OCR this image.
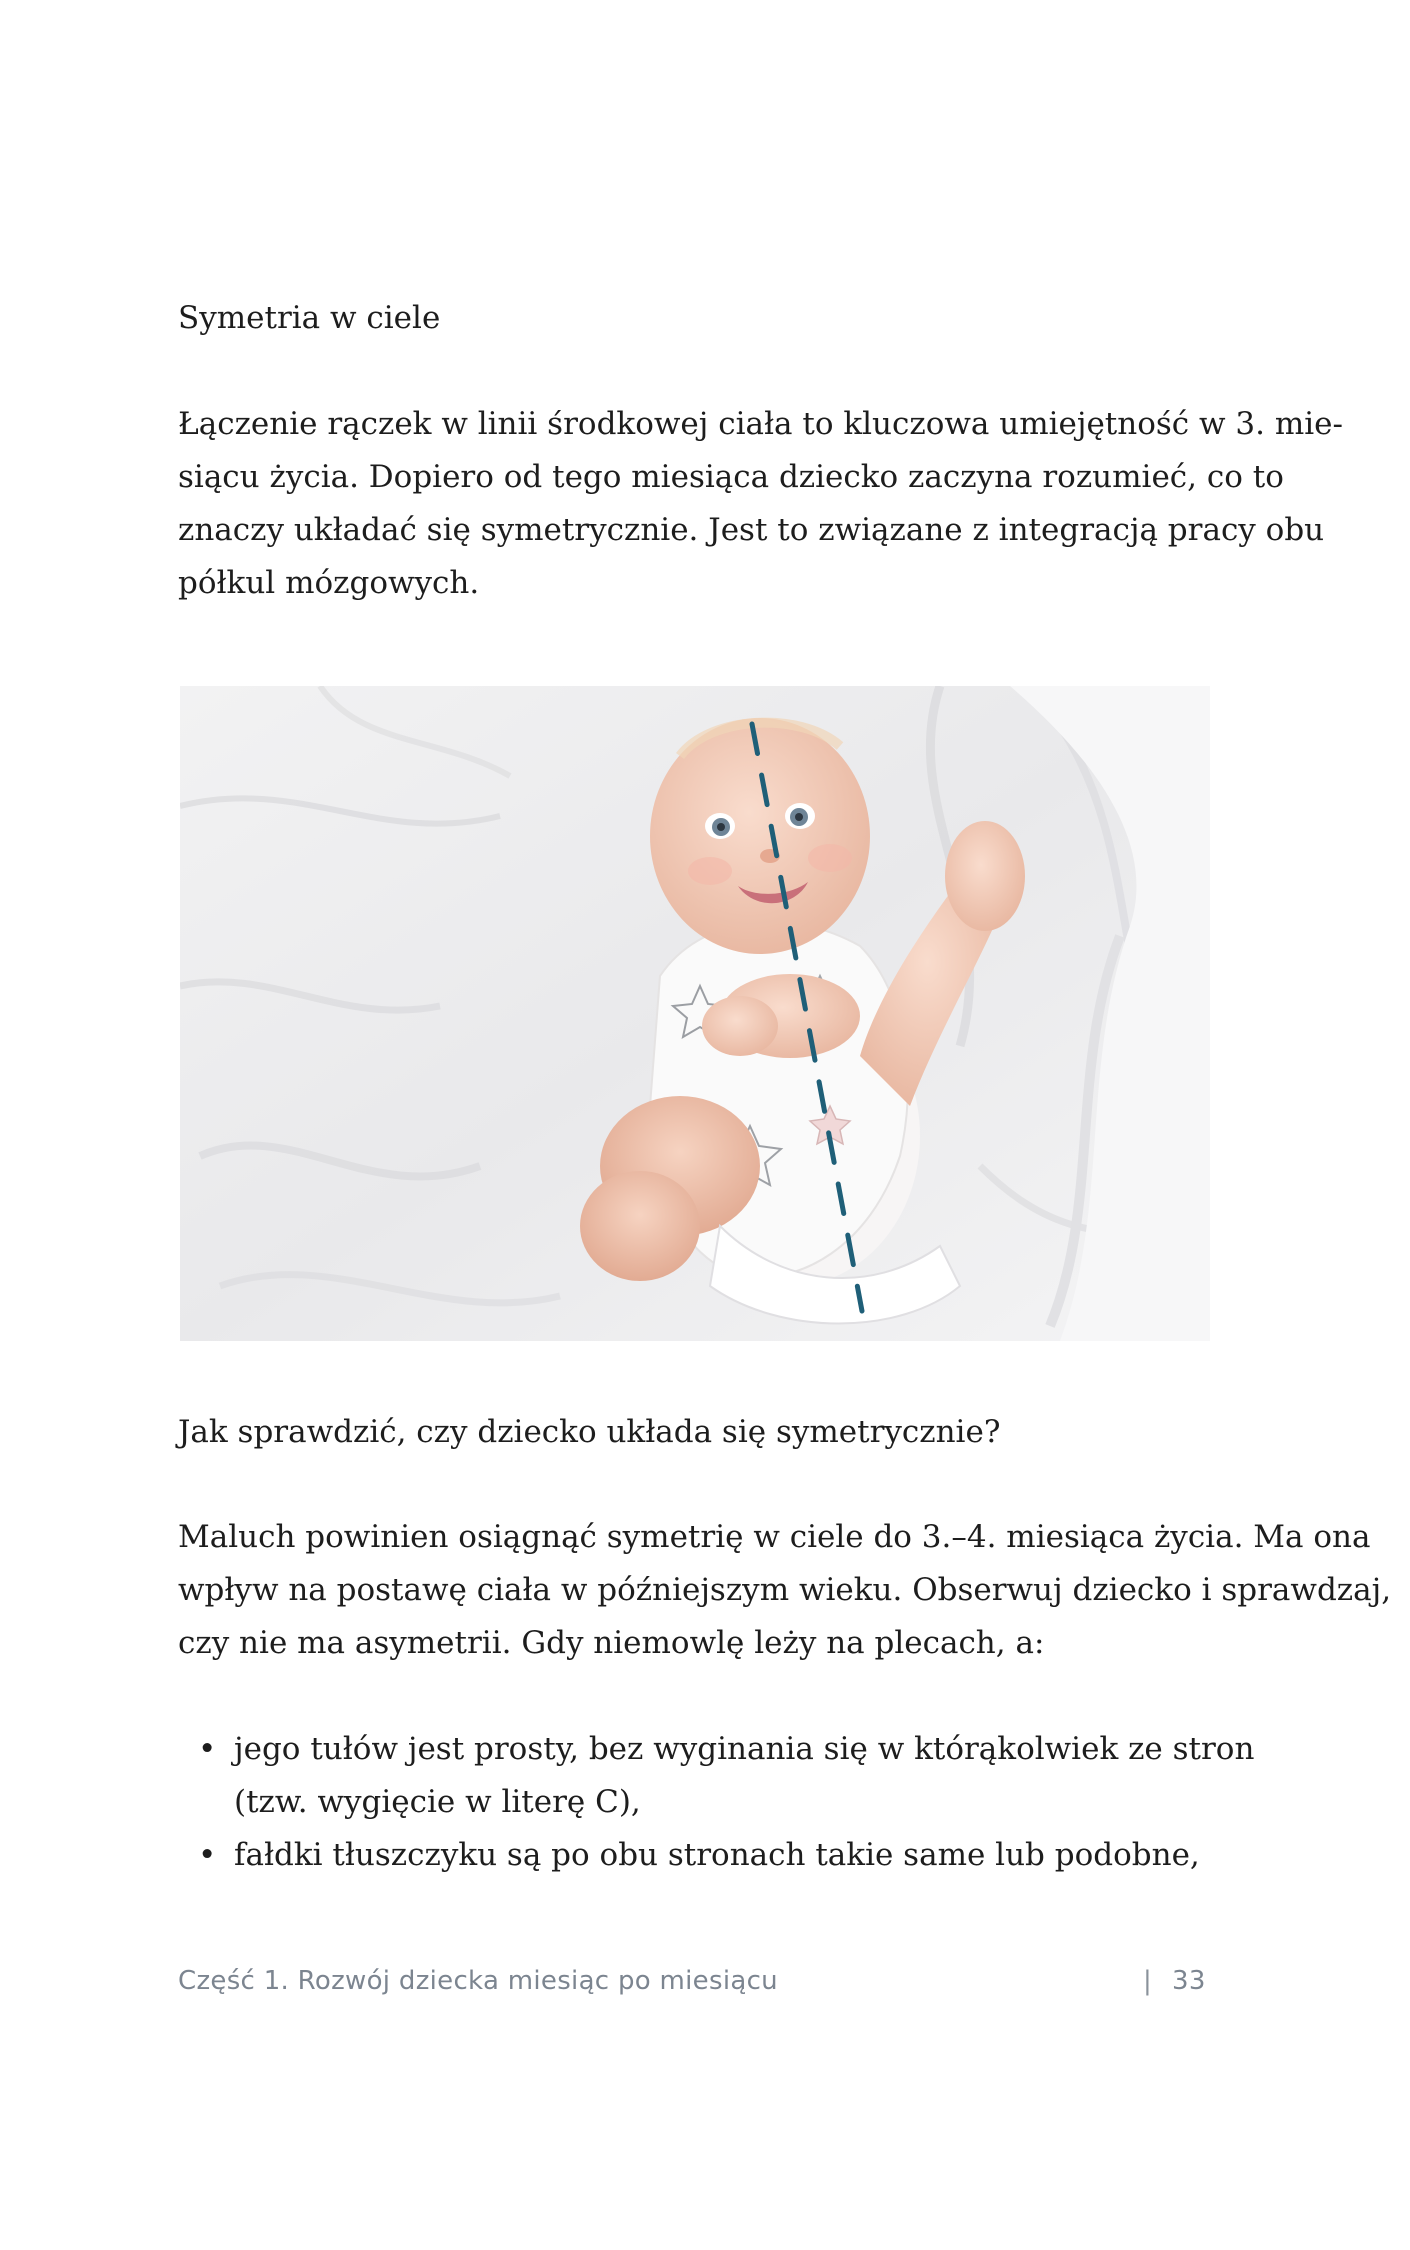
Symetria w ciele
Łączenie rączek w linii środkowej ciała to kluczowa umiejętność w 3. mie-
siącu życia. Dopiero od tego miesiąca dziecko zaczyna rozumieć, co to
znaczy układać się symetrycznie. Jest to związane z integracją pracy obu
półkul mózgowych.
Jak sprawdzić, czy dziecko układa się symetrycznie?
Maluch powinien osiągnąć symetrię w ciele do 3.–4. miesiąca życia. Ma ona
wpływ na postawę ciała w późniejszym wieku. Obserwuj dziecko i sprawdzaj,
czy nie ma asymetrii. Gdy niemowlę leży na plecach, a:
• jego tułów jest prosty, bez wyginania się w którąkolwiek ze stron
(tzw. wygięcie w literę C),
• fałdki tłuszczyku są po obu stronach takie same lub podobne,
Część 1. Rozwój dziecka miesiąc po miesiącu	| 33
